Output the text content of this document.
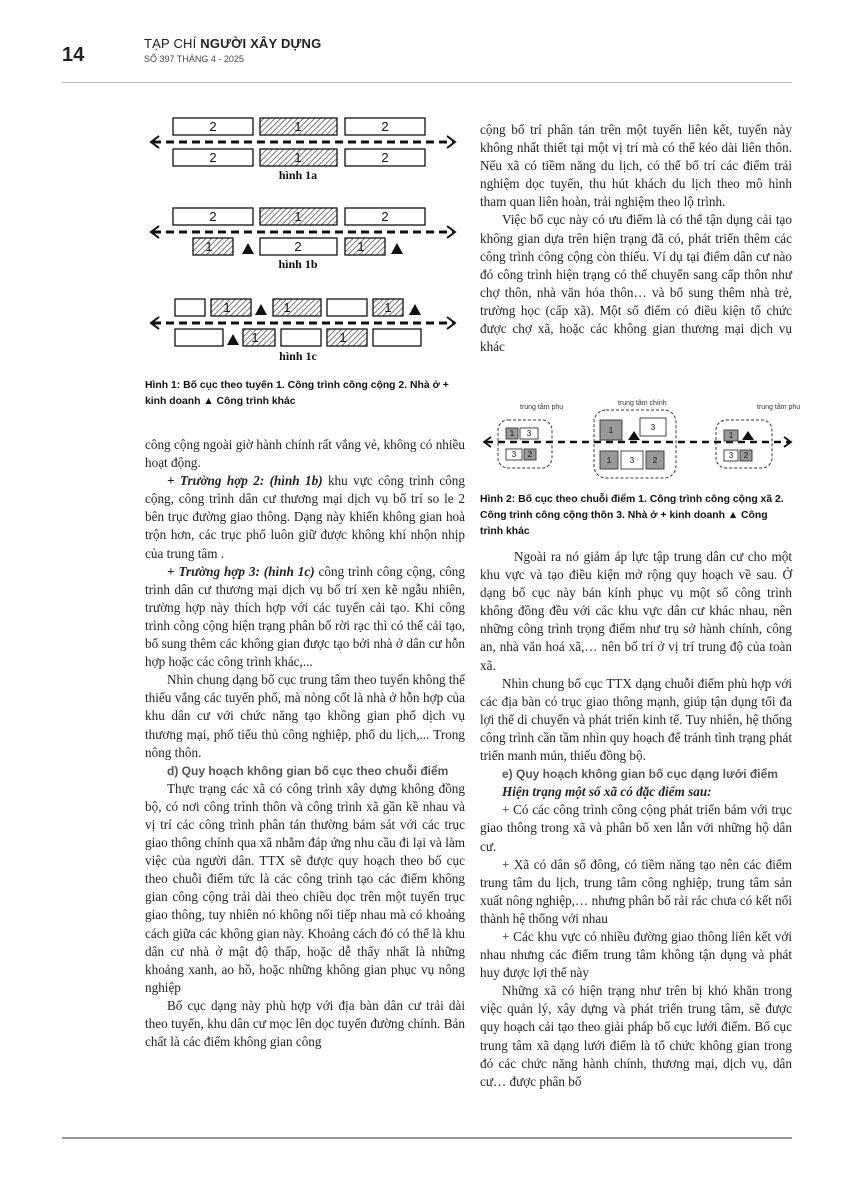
14
TẠP CHÍ NGƯỜI XÂY DỰNG
SỐ 397 THÁNG 4 - 2025
2	1	2
2	1	2
hình 1a
2	1	2
1	2	1
hình 1b
1	1	1
1	1
hình 1c
Hình 1: Bố cục theo tuyến 1. Công trình công cộng 2. Nhà ở + kinh doanh ▲ Công trình khác

công cộng ngoài giờ hành chính rất vắng vẻ, không có nhiều hoạt động.

+ Trường hợp 2: (hình 1b) khu vực công trình công cộng, công trình dân cư thương mại dịch vụ bố trí so le 2 bên trục đường giao thông. Dạng này khiến không gian hoà trộn hơn, các trục phố luôn giữ được không khí nhộn nhịp của trung tâm .

+ Trường hợp 3: (hình 1c) công trình công cộng, công trình dân cư thương mại dịch vụ bố trí xen kẽ ngẫu nhiên, trường hợp này thích hợp với các tuyến cải tạo. Khi công trình công cộng hiện trạng phân bố rời rạc thì có thể cải tạo, bổ sung thêm các không gian được tạo bởi nhà ở dân cư hỗn hợp hoặc các công trình khác,...

Nhìn chung dạng bố cục trung tâm theo tuyến không thể thiếu vắng các tuyến phố, mà nòng cốt là nhà ở hỗn hợp của khu dân cư với chức năng tạo không gian phố dịch vụ thương mại, phố tiểu thủ công nghiệp, phố du lịch,... Trong nông thôn.

d) Quy hoạch không gian bố cục theo chuỗi điểm

Thực trạng các xã có công trình xây dựng không đồng bộ, có nơi công trình thôn và công trình xã gần kề nhau và vị trí các công trình phân tán thường bám sát với các trục giao thông chính qua xã nhằm đáp ứng nhu cầu đi lại và làm việc của người dân. TTX sẽ được quy hoạch theo bố cục theo chuỗi điểm tức là các công trình tạo các điểm không gian công cộng trải dài theo chiều dọc trên một tuyến trục giao thông, tuy nhiên nó không nối tiếp nhau mà có khoảng cách giữa các không gian này. Khoảng cách đó có thể là khu dân cư nhà ở mật độ thấp, hoặc dễ thấy nhất là những khoảng xanh, ao hồ, hoặc những không gian phục vụ nông nghiệp

Bố cục dạng này phù hợp với địa bàn dân cư trải dài theo tuyến, khu dân cư mọc lên dọc tuyến đường chính. Bản chất là các điểm không gian công

cộng bố trí phân tán trên một tuyến liên kết, tuyến này không nhất thiết tại một vị trí mà có thể kéo dài liên thôn. Nếu xã có tiềm năng du lịch, có thể bố trí các điểm trải nghiệm dọc tuyến, thu hút khách du lịch theo mô hình tham quan liên hoàn, trải nghiệm theo lộ trình.

Việc bố cục này có ưu điểm là có thể tận dụng cải tạo không gian dựa trên hiện trạng đã có, phát triển thêm các công trình công cộng còn thiếu. Ví dụ tại điểm dân cư nào đó công trình hiện trạng có thể chuyển sang cấp thôn như chợ thôn, nhà văn hóa thôn… và bổ sung thêm nhà trẻ, trường học (cấp xã). Một số điểm có điều kiện tổ chức được chợ xã, hoặc các không gian thương mại dịch vụ khác

trung tâm phụ
trung tâm chính
trung tâm phụ
1 3
3 2
1	3
1 3 2
1
3 2
Hình 2: Bố cục theo chuỗi điểm 1. Công trình công cộng xã 2. Công trình công cộng thôn 3. Nhà ở + kinh doanh ▲ Công trình khác

Ngoài ra nó giảm áp lực tập trung dân cư cho một khu vực và tạo điều kiện mở rộng quy hoạch về sau. Ở dạng bố cục này bán kính phục vụ một số công trình không đồng đều với các khu vực dân cư khác nhau, nên những công trình trọng điểm như trụ sở hành chính, công an, nhà văn hoá xã,… nên bố trí ở vị trí trung độ của toàn xã.

Nhìn chung bố cục TTX dạng chuỗi điểm phù hợp với các địa bàn có trục giao thông mạnh, giúp tận dụng tối đa lợi thế di chuyển và phát triển kinh tế. Tuy nhiên, hệ thống công trình cần tầm nhìn quy hoạch để tránh tình trạng phát triển manh mún, thiếu đồng bộ.

e) Quy hoạch không gian bố cục dạng lưới điểm

Hiện trạng một số xã có đặc điểm sau:

+ Có các công trình công cộng phát triển bám với trục giao thông trong xã và phân bố xen lẫn với những hộ dân cư.

+ Xã có dân số đông, có tiềm năng tạo nên các điểm trung tâm du lịch, trung tâm công nghiệp, trung tâm sản xuất nông nghiệp,… nhưng phân bố rải rác chưa có kết nối thành hệ thống với nhau

+ Các khu vực có nhiều đường giao thông liên kết với nhau nhưng các điểm trung tâm không tận dụng và phát huy được lợi thế này

Những xã có hiện trạng như trên bị khó khăn trong việc quản lý, xây dựng và phát triển trung tâm, sẽ được quy hoạch cải tạo theo giải pháp bố cục lưới điểm. Bố cục trung tâm xã dạng lưới điểm là tổ chức không gian trong đó các chức năng hành chính, thương mại, dịch vụ, dân cư… được phân bố
